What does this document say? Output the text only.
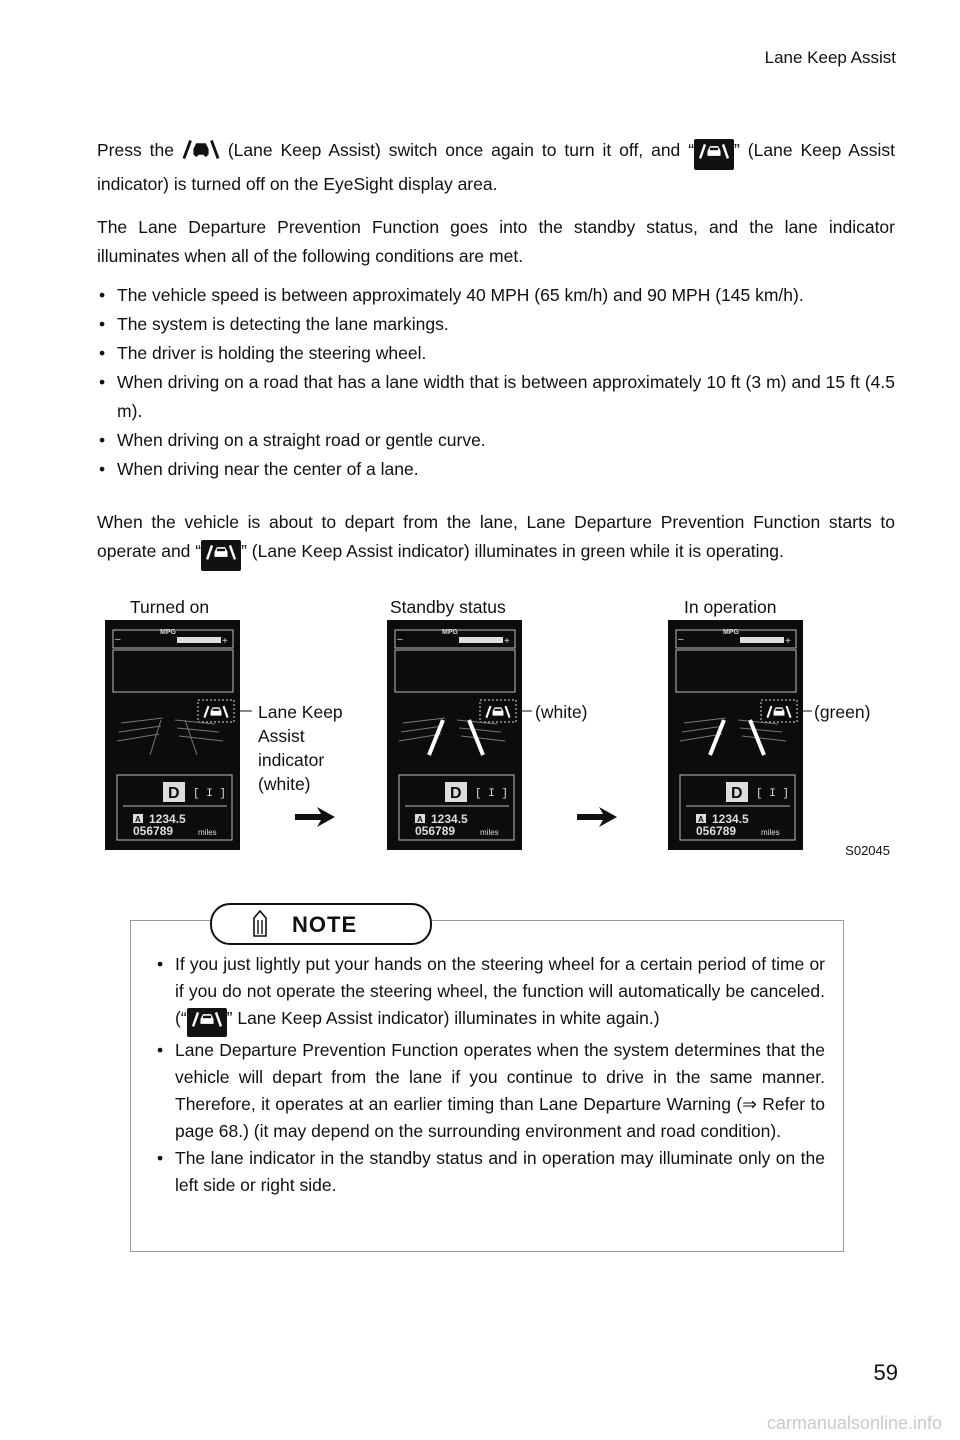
Lane Keep Assist

Press the	(Lane Keep Assist) switch once again to turn it off, and “ ” (Lane Keep Assist indicator) is turned off on the EyeSight display area.

The Lane Departure Prevention Function goes into the standby status, and the lane indicator illuminates when all of the following conditions are met.

• The vehicle speed is between approximately 40 MPH (65 km/h) and 90 MPH (145 km/h).
• The system is detecting the lane markings.
• The driver is holding the steering wheel.
• When driving on a road that has a lane width that is between approximately 10 ft (3 m) and 15 ft (4.5 m).
• When driving on a straight road or gentle curve.
• When driving near the center of a lane.

When the vehicle is about to depart from the lane, Lane Departure Prevention Function starts to operate and “ ” (Lane Keep Assist indicator) illuminates in green while it is operating.

Turned on	Standby status	In operation
–
MPG
+
D [ I ]
A 1234.5
056789	miles
–
MPG
+
D [ I ]
A 1234.5
056789	miles
–
MPG
+
D [ I ]
A 1234.5
056789	miles
Lane Keep
Assist
indicator
(white)
(white)	(green)
S02045
• If you just lightly put your hands on the steering wheel for a certain period of time or if you do not operate the steering wheel, the function will automatically be canceled. (“ ” Lane Keep Assist indicator) illuminates in white again.)
• Lane Departure Prevention Function operates when the system determines that the vehicle will depart from the lane if you continue to drive in the same manner. Therefore, it operates at an earlier timing than Lane Departure Warning (⇒ Refer to page 68.) (it may depend on the surrounding environment and road condition).
• The lane indicator in the standby status and in operation may illuminate only on the left side or right side.
NOTE
59
carmanualsonline.info
